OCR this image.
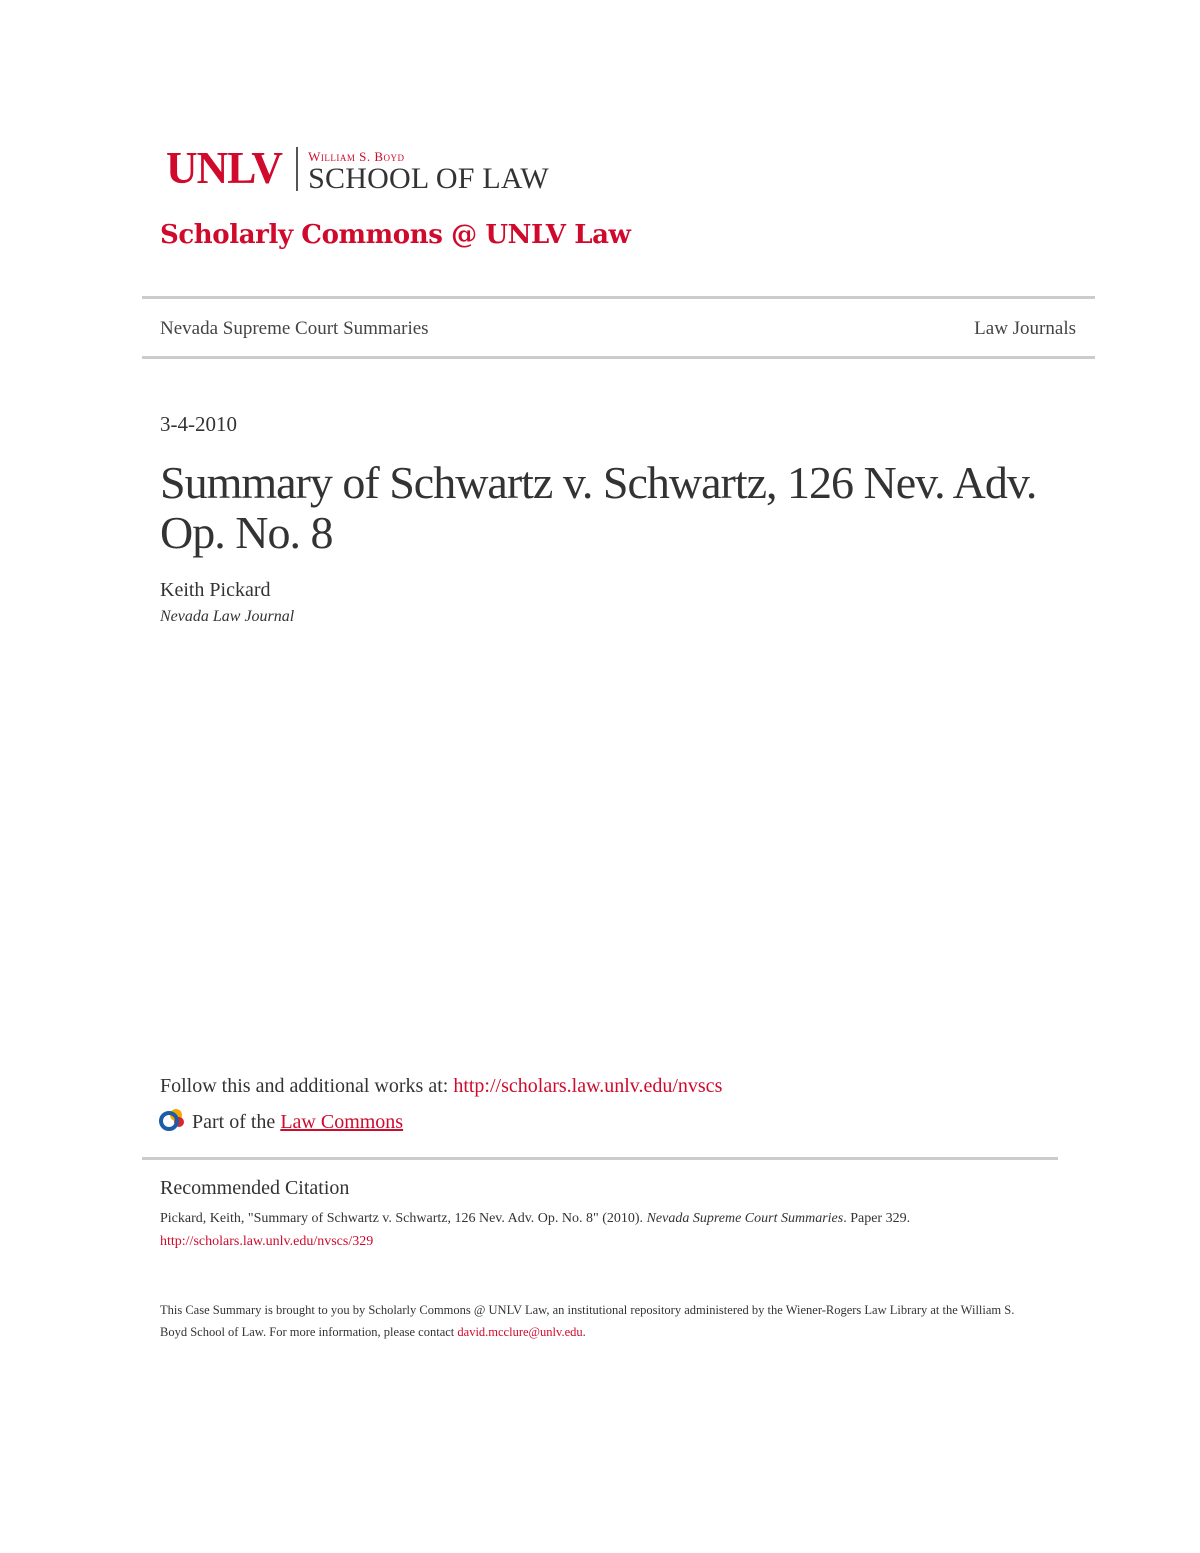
UNLV William S. Boyd
SCHOOL OF LAW
Scholarly Commons @ UNLV Law
Nevada Supreme Court Summaries	Law Journals
3-4-2010
Summary of Schwartz v. Schwartz, 126 Nev. Adv. Op. No. 8
Keith Pickard
Nevada Law Journal
Follow this and additional works at: http://scholars.law.unlv.edu/nvscs
Part of the Law Commons
Recommended Citation
Pickard, Keith, "Summary of Schwartz v. Schwartz, 126 Nev. Adv. Op. No. 8" (2010). Nevada Supreme Court Summaries. Paper 329.
http://scholars.law.unlv.edu/nvscs/329
This Case Summary is brought to you by Scholarly Commons @ UNLV Law, an institutional repository administered by the Wiener-Rogers Law Library at the William S. Boyd School of Law. For more information, please contact david.mcclure@unlv.edu.
